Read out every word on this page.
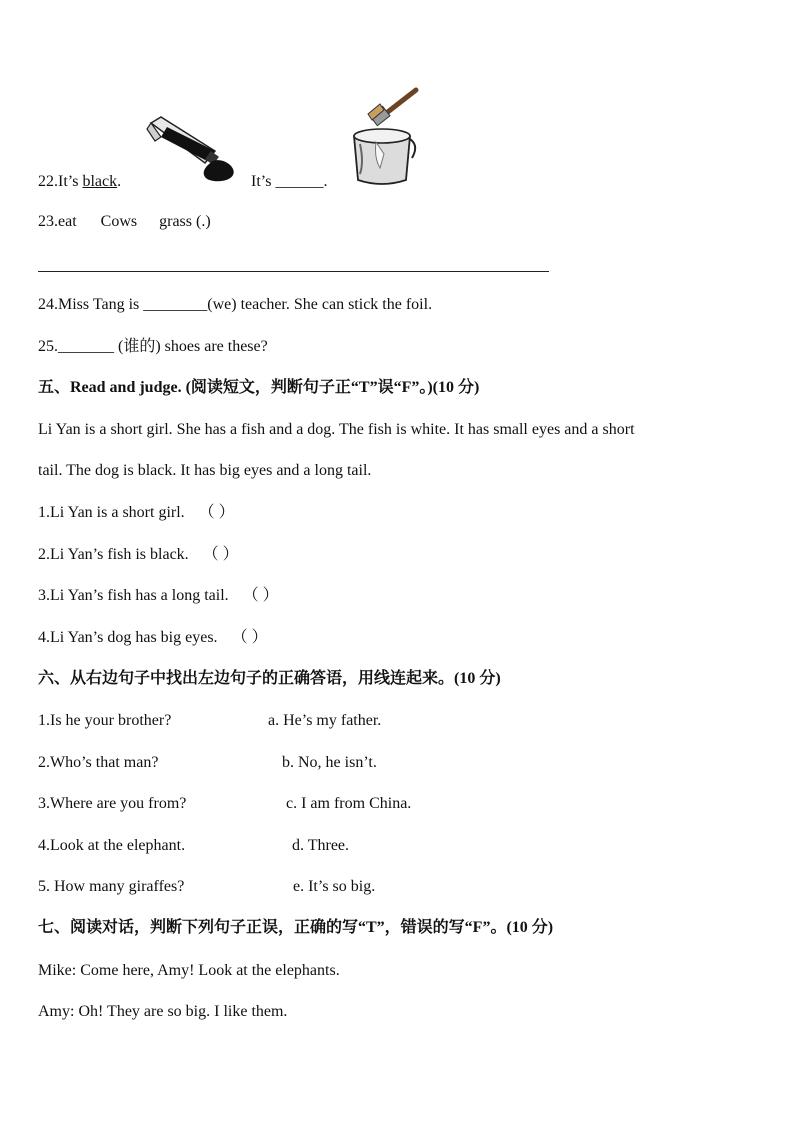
22.It’s black.	It’s ______.
23.eat Cows grass (.)
24.Miss Tang is ________(we) teacher. She can stick the foil.
25._______ (谁的) shoes are these?
五、Read and judge. (阅读短文，判断句子正“T”误“F”。)(10 分)
Li Yan is a short girl. She has a fish and a dog. The fish is white. It has small eyes and a short
tail. The dog is black. It has big eyes and a long tail.
1.Li Yan is a short girl. （ ）
2.Li Yan’s fish is black. （ ）
3.Li Yan’s fish has a long tail. （ ）
4.Li Yan’s dog has big eyes. （ ）
六、从右边句子中找出左边句子的正确答语，用线连起来。(10 分)
1.Is he your brother?	a. He’s my father.
2.Who’s that man?	b. No, he isn’t.
3.Where are you from?	c. I am from China.
4.Look at the elephant.	d. Three.
5. How many giraffes?	e. It’s so big.
七、阅读对话，判断下列句子正误，正确的写“T”，错误的写“F”。(10 分)
Mike: Come here, Amy! Look at the elephants.
Amy: Oh! They are so big. I like them.
